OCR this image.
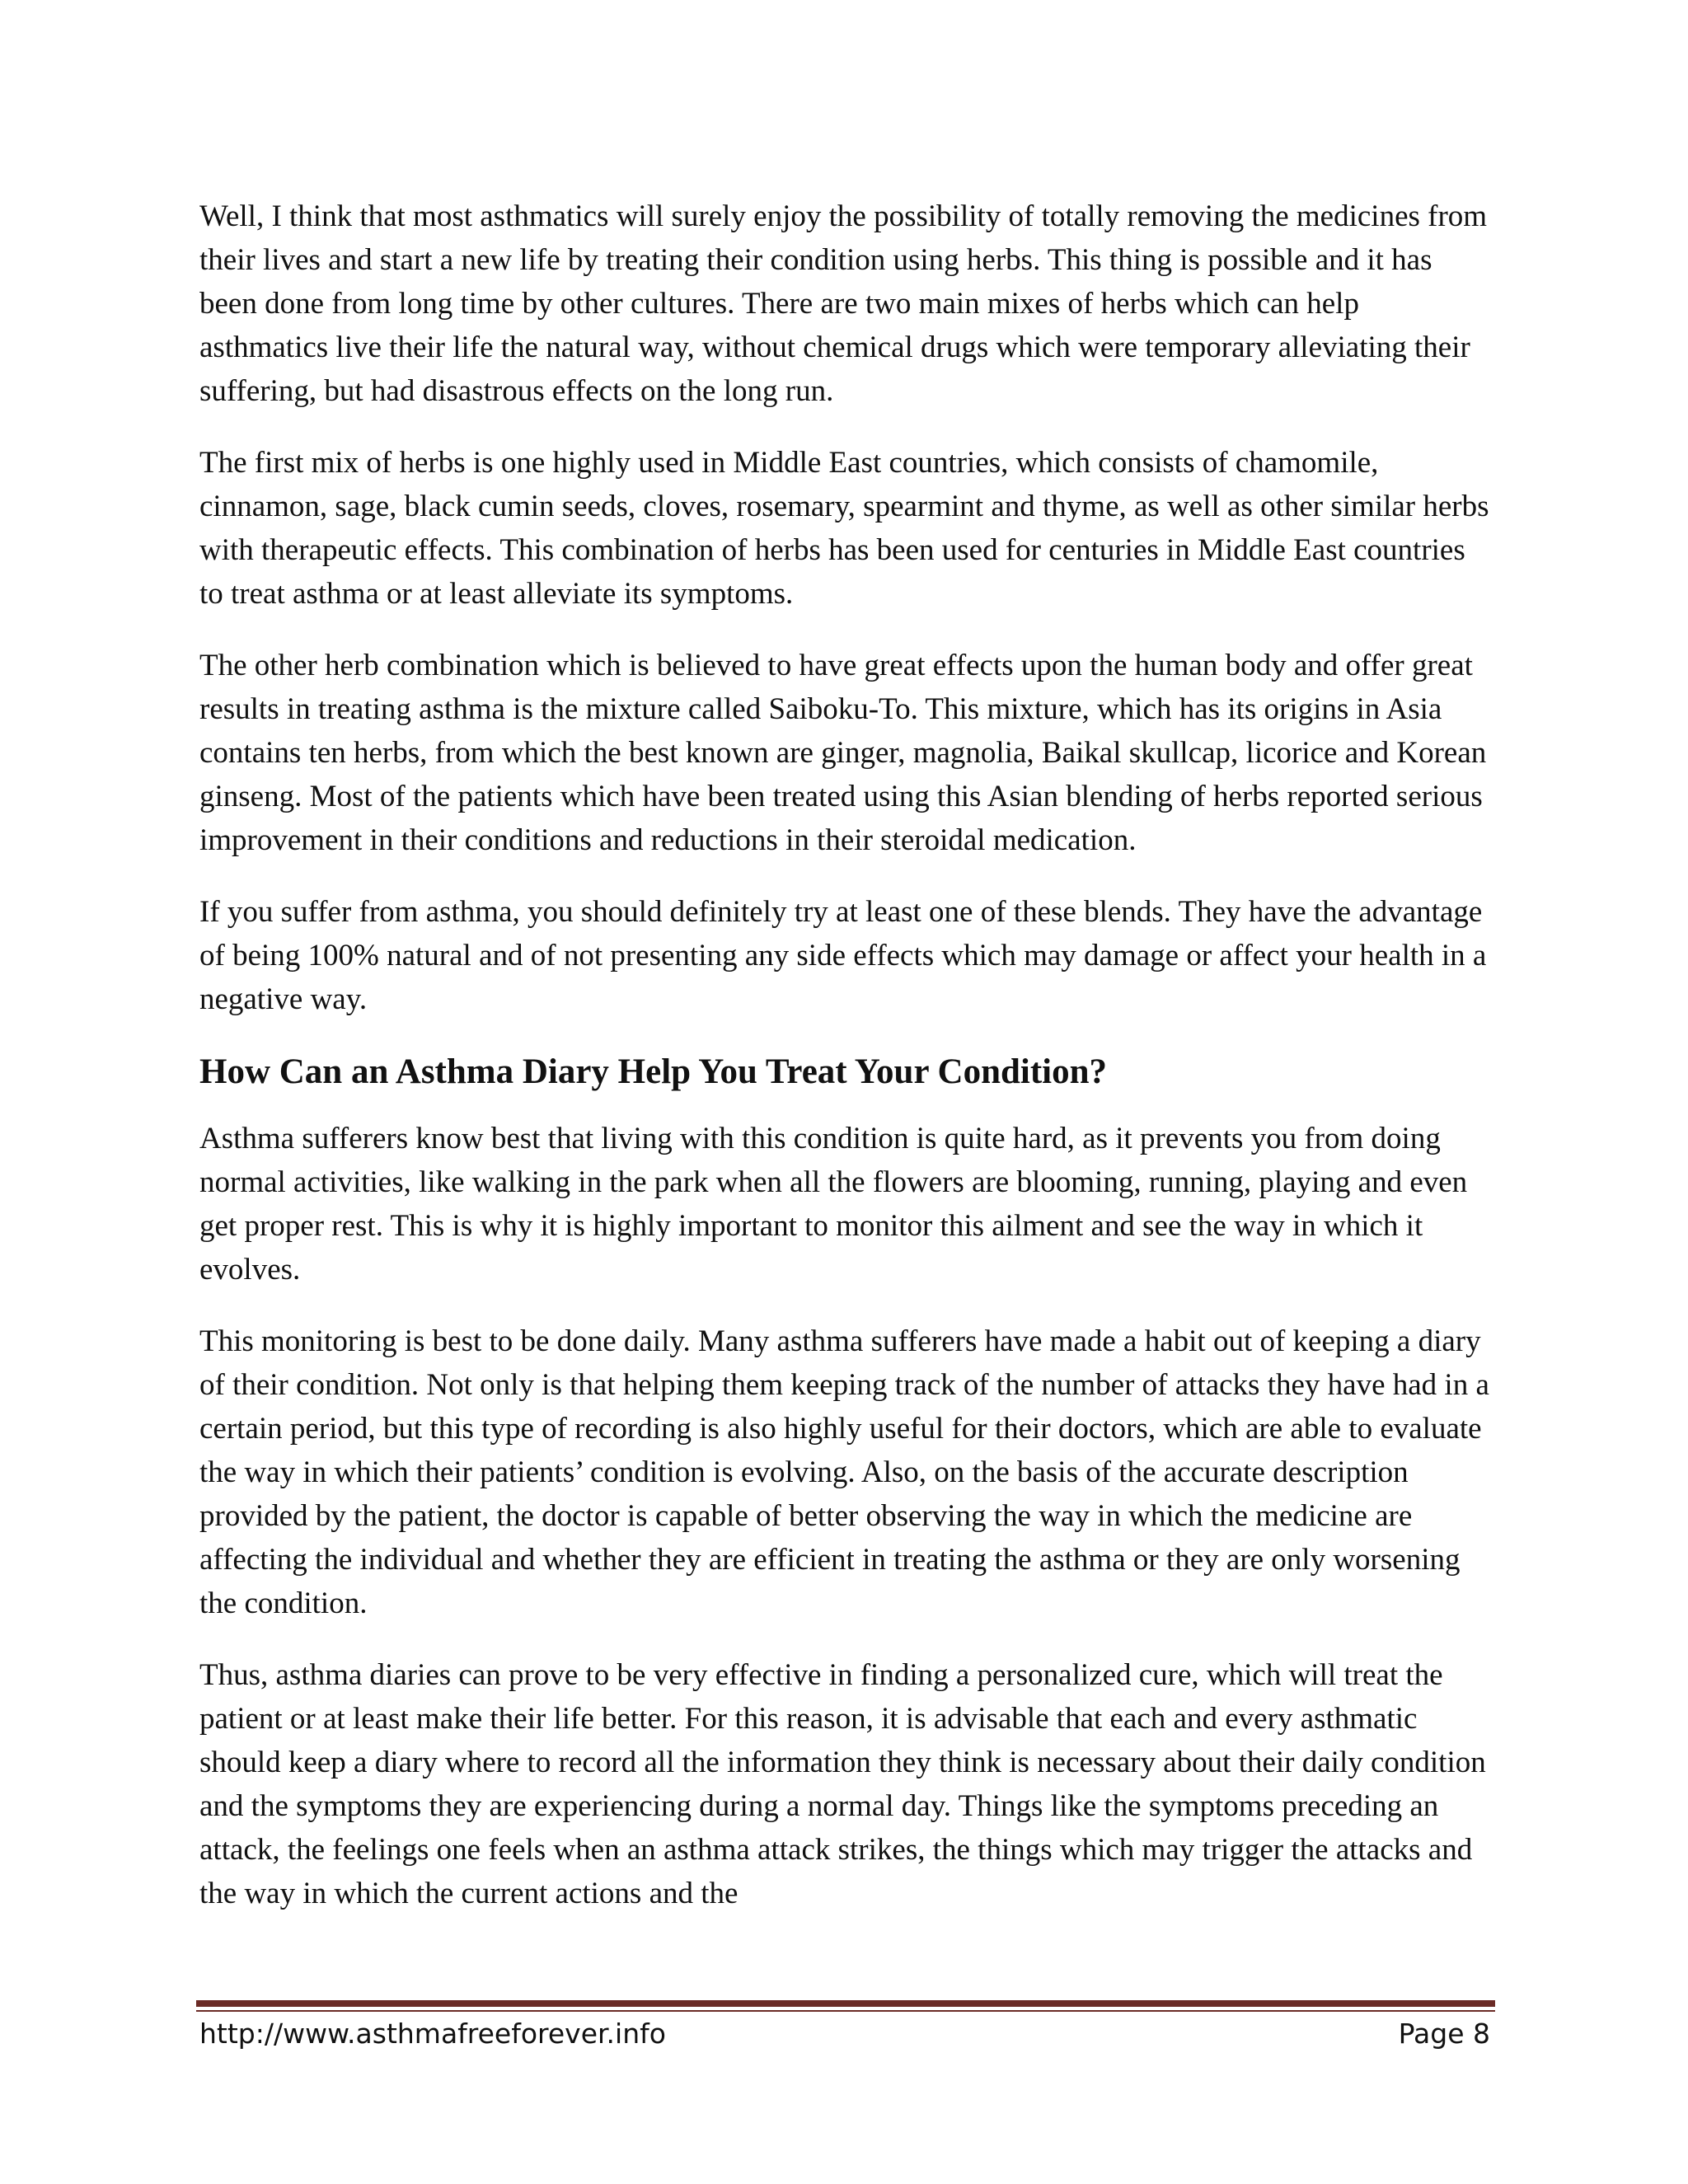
Well, I think that most asthmatics will surely enjoy the possibility of totally removing the medicines from their lives and start a new life by treating their condition using herbs. This thing is possible and it has been done from long time by other cultures. There are two main mixes of herbs which can help asthmatics live their life the natural way, without chemical drugs which were temporary alleviating their suffering, but had disastrous effects on the long run.

The first mix of herbs is one highly used in Middle East countries, which consists of chamomile, cinnamon, sage, black cumin seeds, cloves, rosemary, spearmint and thyme, as well as other similar herbs with therapeutic effects. This combination of herbs has been used for centuries in Middle East countries to treat asthma or at least alleviate its symptoms.

The other herb combination which is believed to have great effects upon the human body and offer great results in treating asthma is the mixture called Saiboku-To. This mixture, which has its origins in Asia contains ten herbs, from which the best known are ginger, magnolia, Baikal skullcap, licorice and Korean ginseng. Most of the patients which have been treated using this Asian blending of herbs reported serious improvement in their conditions and reductions in their steroidal medication.

If you suffer from asthma, you should definitely try at least one of these blends. They have the advantage of being 100% natural and of not presenting any side effects which may damage or affect your health in a negative way.

How Can an Asthma Diary Help You Treat Your Condition?

Asthma sufferers know best that living with this condition is quite hard, as it prevents you from doing normal activities, like walking in the park when all the flowers are blooming, running, playing and even get proper rest. This is why it is highly important to monitor this ailment and see the way in which it evolves.

This monitoring is best to be done daily. Many asthma sufferers have made a habit out of keeping a diary of their condition. Not only is that helping them keeping track of the number of attacks they have had in a certain period, but this type of recording is also highly useful for their doctors, which are able to evaluate the way in which their patients’ condition is evolving. Also, on the basis of the accurate description provided by the patient, the doctor is capable of better observing the way in which the medicine are affecting the individual and whether they are efficient in treating the asthma or they are only worsening the condition.

Thus, asthma diaries can prove to be very effective in finding a personalized cure, which will treat the patient or at least make their life better. For this reason, it is advisable that each and every asthmatic should keep a diary where to record all the information they think is necessary about their daily condition and the symptoms they are experiencing during a normal day. Things like the symptoms preceding an attack, the feelings one feels when an asthma attack strikes, the things which may trigger the attacks and the way in which the current actions and the

http://www.asthmafreeforever.info	Page 8
